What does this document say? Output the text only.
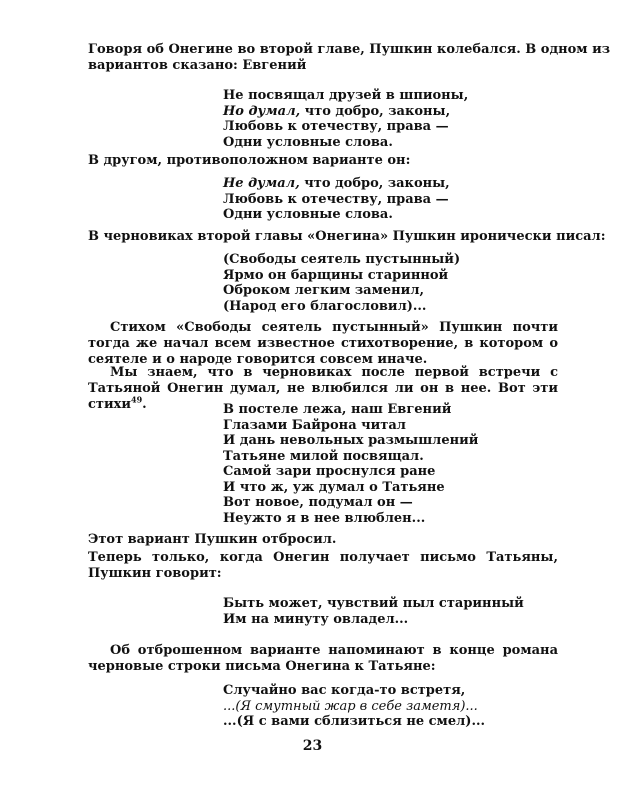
Говоря об Онегине во второй главе, Пушкин колебался. В одном из
вариантов сказано: Евгений
Не посвящал друзей в шпионы,
Но думал, что добро, законы,
Любовь к отечеству, права —
Одни условные слова.
В другом, противоположном варианте он:
Не думал, что добро, законы,
Любовь к отечеству, права —
Одни условные слова.
В черновиках второй главы «Онегина» Пушкин иронически писал:
(Свободы сеятель пустынный)
Ярмо он барщины старинной
Оброком легким заменил,
(Народ его благословил)...
Стихом «Свободы сеятель пустынный» Пушкин почти тогда же начал всем известное стихотворение, в котором о сеятеле и о народе говорится совсем иначе.
Мы знаем, что в черновиках после первой встречи с Татьяной Онегин думал, не влюбился ли он в нее. Вот эти стихи$^{49}$.	В постеле лежа, наш Евгений
Глазами Байрона читал
И дань невольных размышлений
Татьяне милой посвящал.
Самой зари проснулся ране
И что ж, уж думал о Татьяне
Вот новое, подумал он —
Неужто я в нее влюблен...
Этот вариант Пушкин отбросил.
Теперь только, когда Онегин получает письмо Татьяны, Пушкин говорит:
Быть может, чувствий пыл старинный
Им на минуту овладел...
Об отброшенном варианте напоминают в конце романа черновые строки письма Онегина к Татьяне:
Случайно вас когда-то встретя,
...(Я смутный жар в себе заметя)...
...(Я с вами сблизиться не смел)...
23
